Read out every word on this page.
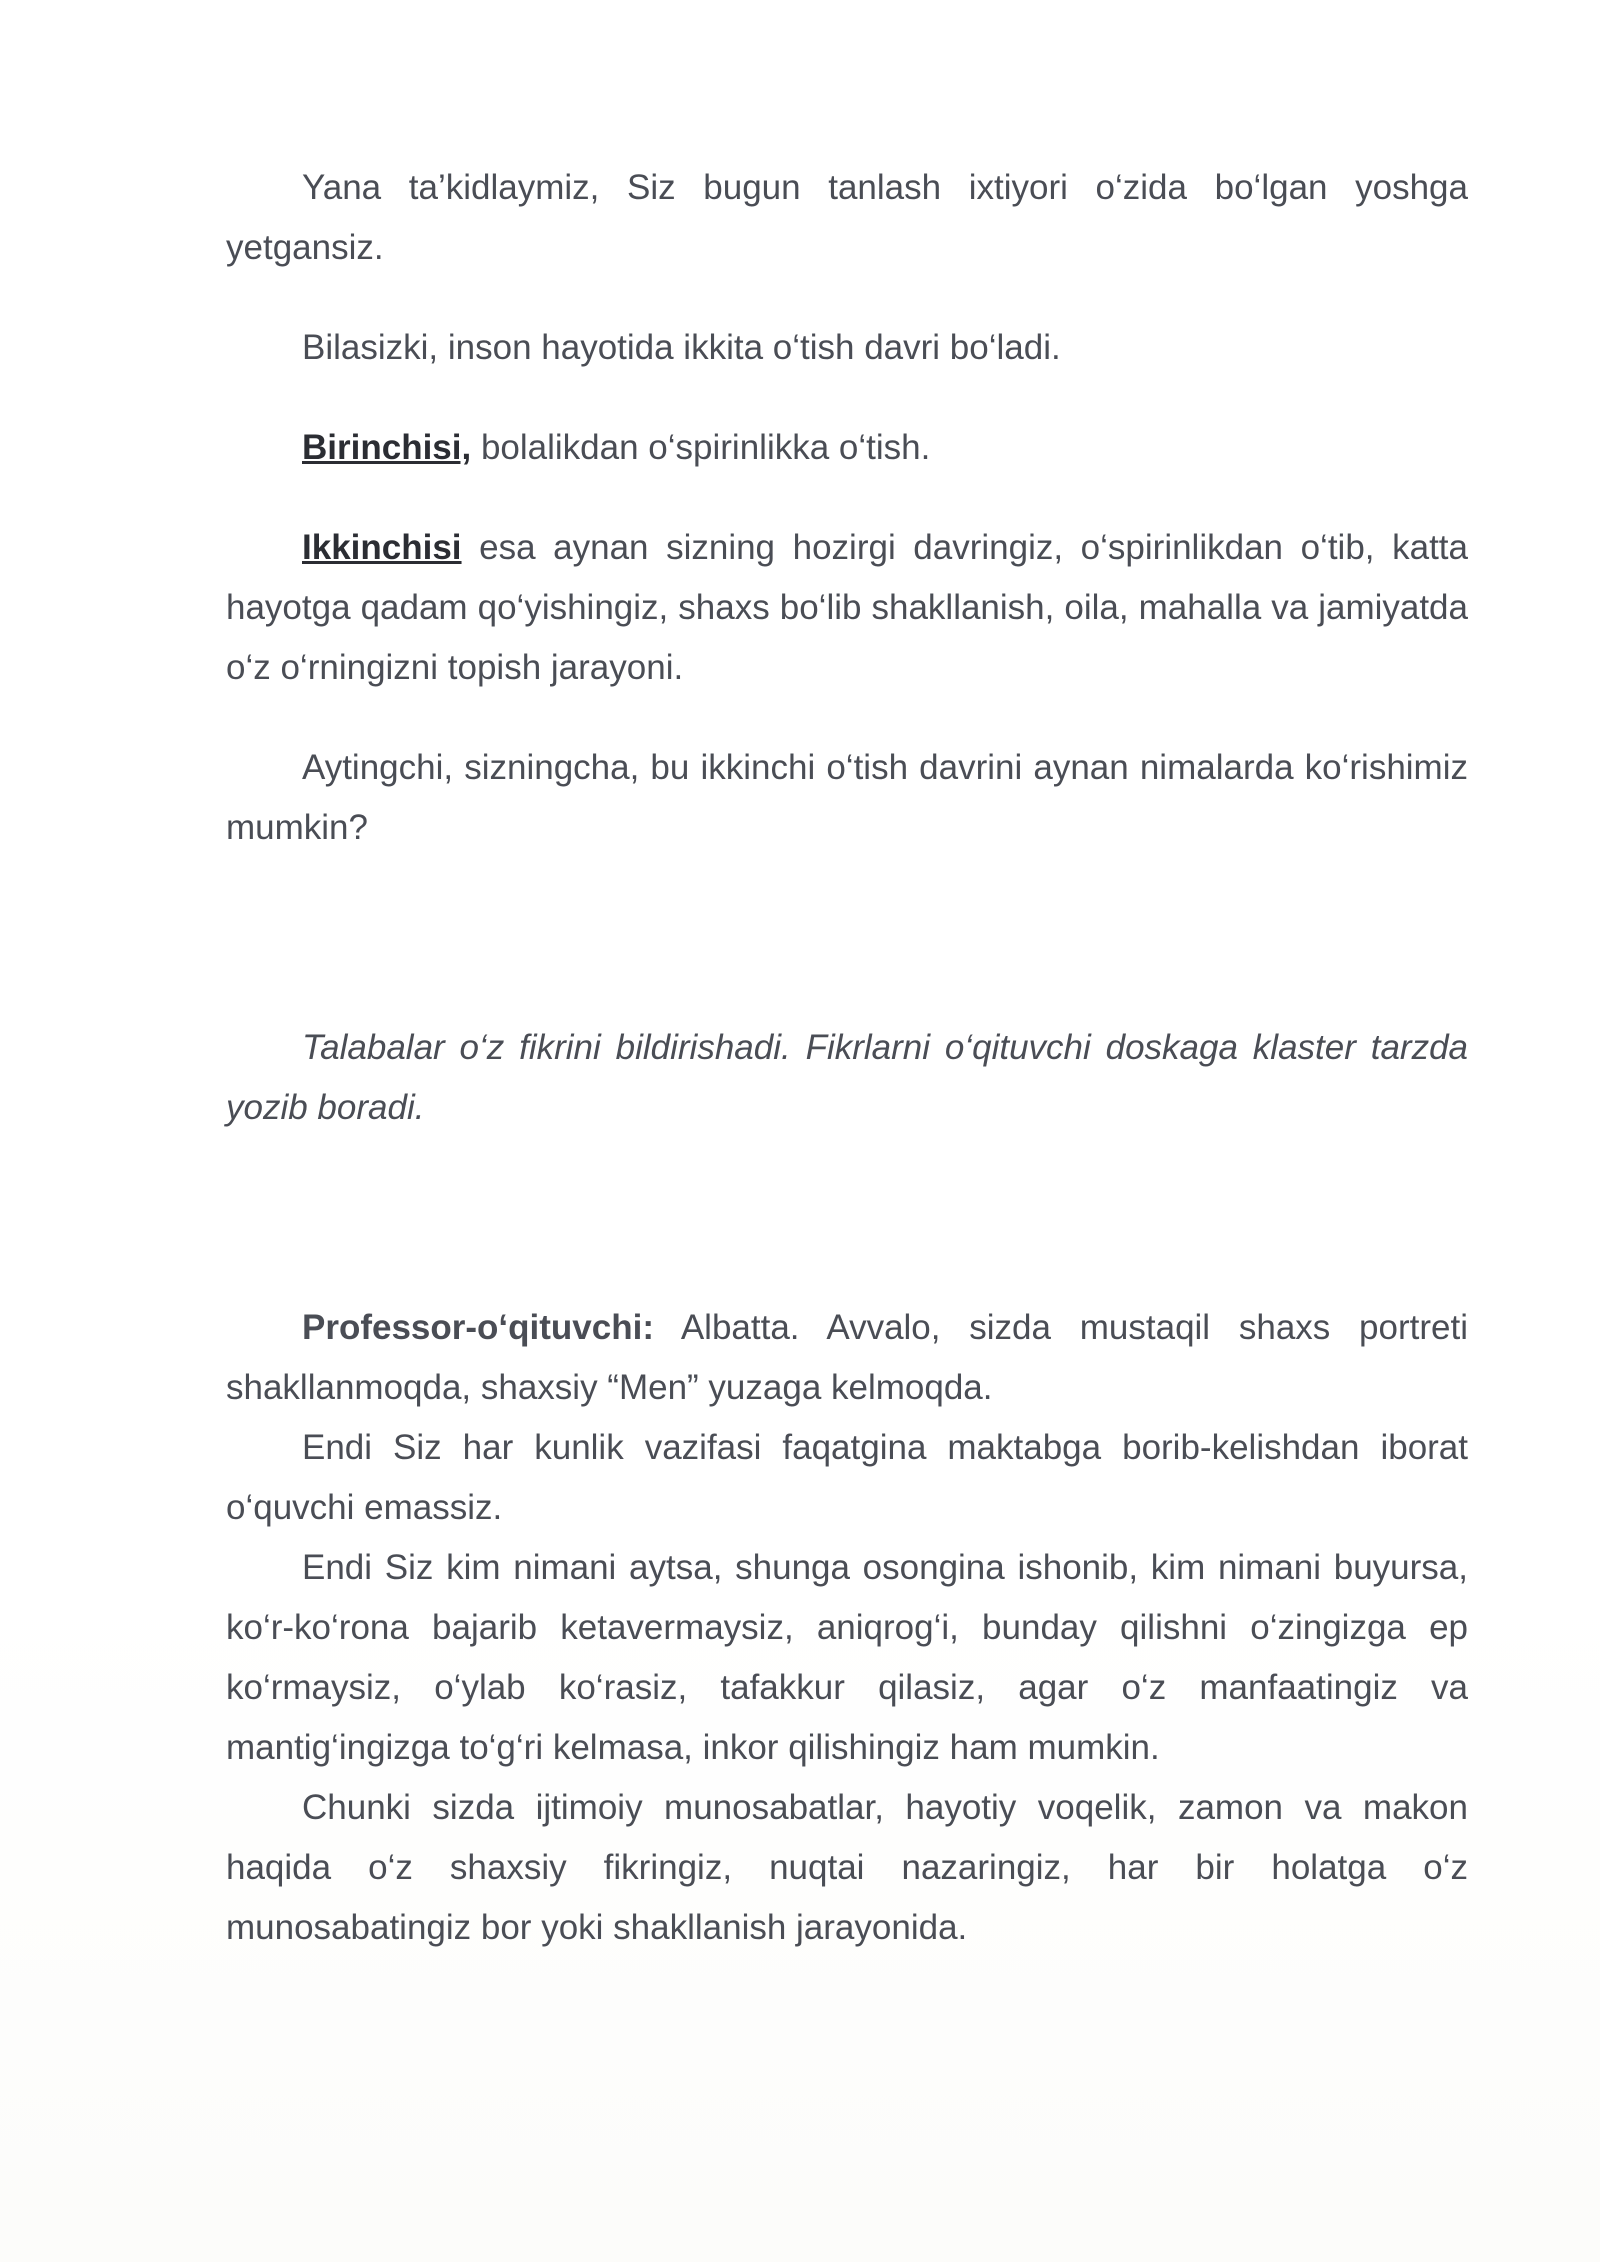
Yana ta’kidlaymiz, Siz bugun tanlash ixtiyori o‘zida bo‘lgan yoshga yetgansiz.

Bilasizki, inson hayotida ikkita o‘tish davri bo‘ladi.

Birinchisi, bolalikdan o‘spirinlikka o‘tish.

Ikkinchisi esa aynan sizning hozirgi davringiz, o‘spirinlikdan o‘tib, katta hayotga qadam qo‘yishingiz, shaxs bo‘lib shakllanish, oila, mahalla va jamiyatda o‘z o‘rningizni topish jarayoni.

Aytingchi, sizningcha, bu ikkinchi o‘tish davrini aynan nimalarda ko‘rishimiz mumkin?

Talabalar o‘z fikrini bildirishadi. Fikrlarni o‘qituvchi doskaga klaster tarzda yozib boradi.

Professor-o‘qituvchi: Albatta. Avvalo, sizda mustaqil shaxs portreti shakllanmoqda, shaxsiy “Men” yuzaga kelmoqda.

Endi Siz har kunlik vazifasi faqatgina maktabga borib-kelishdan iborat o‘quvchi emassiz.

Endi Siz kim nimani aytsa, shunga osongina ishonib, kim nimani buyursa, ko‘r-ko‘rona bajarib ketavermaysiz, aniqrog‘i, bunday qilishni o‘zingizga ep ko‘rmaysiz, o‘ylab ko‘rasiz, tafakkur qilasiz, agar o‘z manfaatingiz va mantig‘ingizga to‘g‘ri kelmasa, inkor qilishingiz ham mumkin.

Chunki sizda ijtimoiy munosabatlar, hayotiy voqelik, zamon va makon haqida o‘z shaxsiy fikringiz, nuqtai nazaringiz, har bir holatga o‘z munosabatingiz bor yoki shakllanish jarayonida.
